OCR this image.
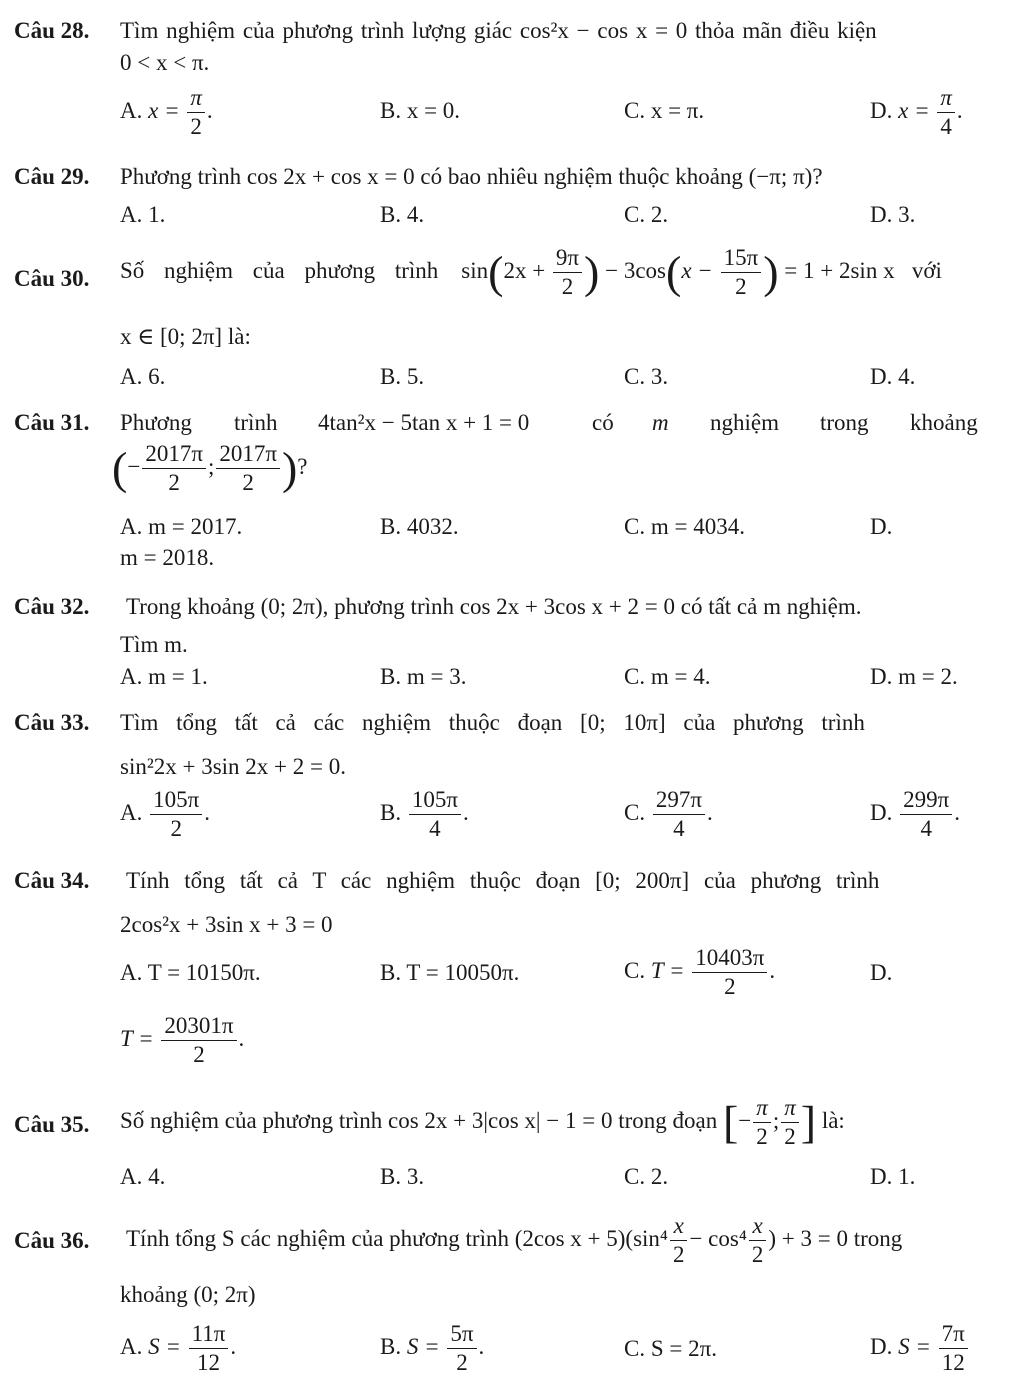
Câu 28. Tìm nghiệm của phương trình lượng giác cos²x − cos x = 0 thỏa mãn điều kiện
0 < x < π.
A. $x = \frac{\pi}{2}$ .	B. x = 0.	C. x = π.	D. $x = \frac{\pi}{4}$ .
Câu 29. Phương trình cos 2x + cos x = 0 có bao nhiêu nghiệm thuộc khoảng (−π; π)?
A. 1.	B. 4.	C. 2.	D. 3.
Câu 30. Số nghiệm của phương trình $\sin(2x + \frac{9\pi}{2}$ ) − $3\cos(x - \frac{15\pi}{2}$ ) = 1 + 2sin x với
x ∈ [0; 2π] là:
A. 6.	B. 5.	C. 3.	D. 4.
Câu 31. Phương trình 4tan²x − 5tan x + 1 = 0	có m nghiệm trong khoảng
(− $\frac{2017\pi}{2}$ ; $\frac{2017\pi}{2}$ )?
A. m = 2017.	B. 4032.	C. m = 4034.	D.
m = 2018.
Câu 32. Trong khoảng (0; 2π), phương trình cos 2x + 3cos x + 2 = 0 có tất cả m nghiệm.
Tìm m.
A. m = 1.	B. m = 3.	C. m = 4.	D. m = 2.
Câu 33. Tìm tổng tất cả các nghiệm thuộc đoạn [0; 10π] của phương trình
sin²2x + 3sin 2x + 2 = 0.
A. $\frac{105\pi}{2}$ .	B. $\frac{105\pi}{4}$ .	C. $\frac{297\pi}{4}$ .	D. $\frac{299\pi}{4}$ .
Câu 34. Tính tổng tất cả T các nghiệm thuộc đoạn [0; 200π] của phương trình
2cos²x + 3sin x + 3 = 0
A. T = 10150π.	B. T = 10050π.	C. $T = \frac{10403\pi}{2}$ .	D.
$T = \frac{20301\pi}{2}$ .
Câu 35. Số nghiệm của phương trình cos 2x + 3|cos x| − 1 = 0 trong đoạn [− $\frac{\pi}{2}$ ; $\frac{\pi}{2}$ ] là:
A. 4.	B. 3.	C. 2.	D. 1.
Câu 36. Tính tổng S các nghiệm của phương trình (2cos $x + 5)(\sin^4 \frac{x}{2} - \cos^4 \frac{x}{2}$ ) + 3 = 0 trong
khoảng (0; 2π)
A. $S = \frac{11\pi}{12}$ .	B. $S = \frac{5\pi}{2}$ .	C. S = 2π.	D. $S = \frac{7\pi}{12}$
